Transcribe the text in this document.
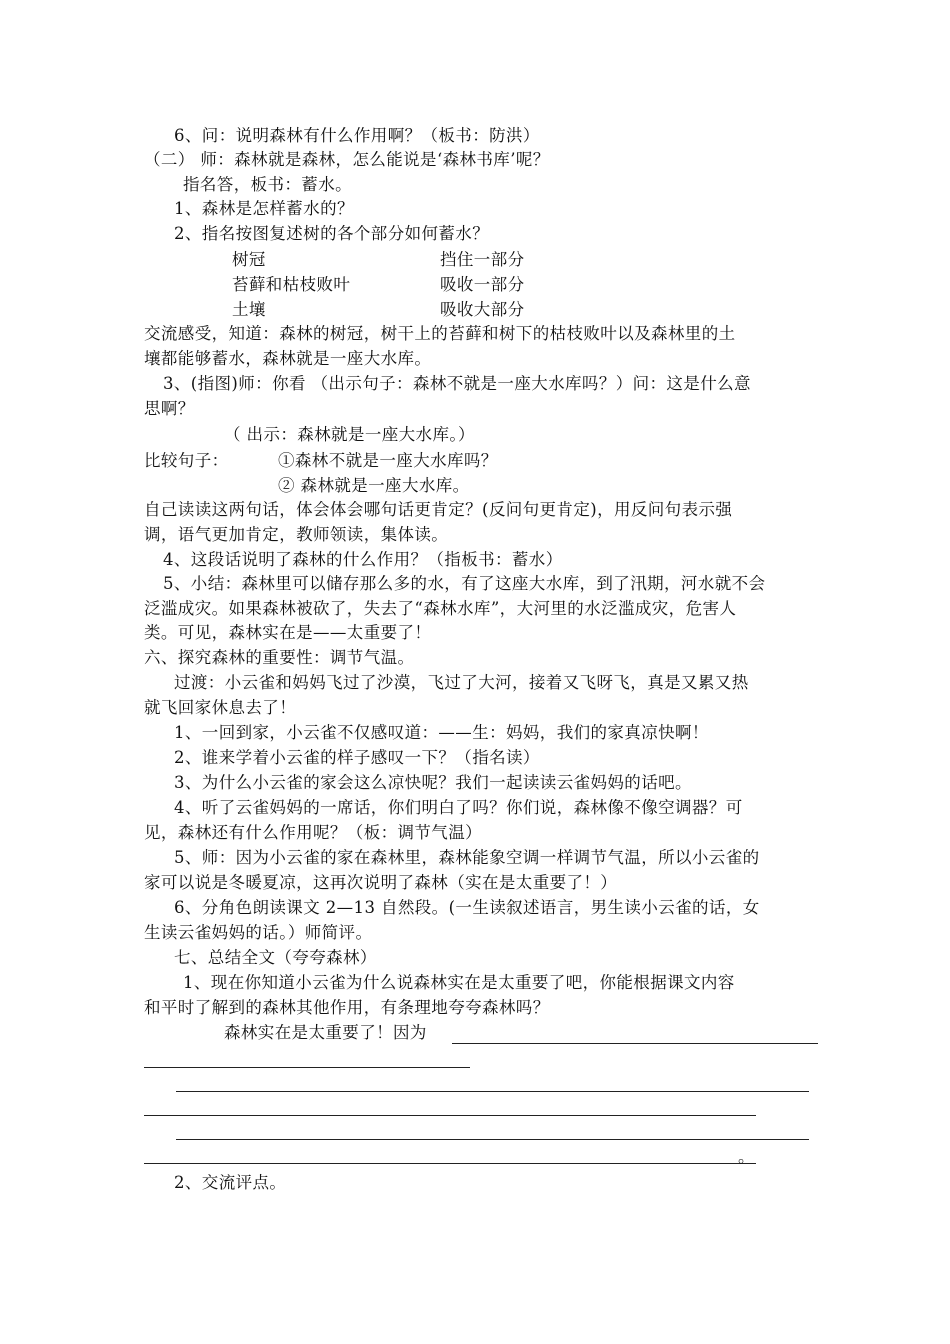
6、问：说明森林有什么作用啊？（板书：防洪）
（二） 师：森林就是森林，怎么能说是‘森林书库’呢？
指名答，板书：蓄水。
1、森林是怎样蓄水的？
2、指名按图复述树的各个部分如何蓄水？
树冠	挡住一部分
苔藓和枯枝败叶	吸收一部分
土壤	吸收大部分
交流感受，知道：森林的树冠，树干上的苔藓和树下的枯枝败叶以及森林里的土
壤都能够蓄水，森林就是一座大水库。
3、(指图)师：你看 （出示句子：森林不就是一座大水库吗？）问：这是什么意
思啊？
（ 出示：森林就是一座大水库。）
比较句子：	①森林不就是一座大水库吗？
② 森林就是一座大水库。
自己读读这两句话，体会体会哪句话更肯定？(反问句更肯定)，用反问句表示强
调，语气更加肯定，教师领读，集体读。
4、这段话说明了森林的什么作用？（指板书：蓄水）
5、小结：森林里可以储存那么多的水，有了这座大水库，到了汛期，河水就不会
泛滥成灾。如果森林被砍了，失去了“森林水库”，大河里的水泛滥成灾，危害人
类。可见，森林实在是——太重要了！
六、探究森林的重要性：调节气温。
过渡：小云雀和妈妈飞过了沙漠，飞过了大河，接着又飞呀飞，真是又累又热
就飞回家休息去了！
1、一回到家，小云雀不仅感叹道：——生：妈妈，我们的家真凉快啊！
2、谁来学着小云雀的样子感叹一下？（指名读）
3、为什么小云雀的家会这么凉快呢？我们一起读读云雀妈妈的话吧。
4、听了云雀妈妈的一席话，你们明白了吗？你们说，森林像不像空调器？可
见，森林还有什么作用呢？（板：调节气温）
5、师：因为小云雀的家在森林里，森林能象空调一样调节气温，所以小云雀的
家可以说是冬暖夏凉，这再次说明了森林（实在是太重要了！）
6、分角色朗读课文 2—13 自然段。(一生读叙述语言，男生读小云雀的话，女
生读云雀妈妈的话。）师简评。
七、总结全文（夸夸森林）
1、现在你知道小云雀为什么说森林实在是太重要了吧，你能根据课文内容
和平时了解到的森林其他作用，有条理地夸夸森林吗？
森林实在是太重要了！因为
。
2、交流评点。
